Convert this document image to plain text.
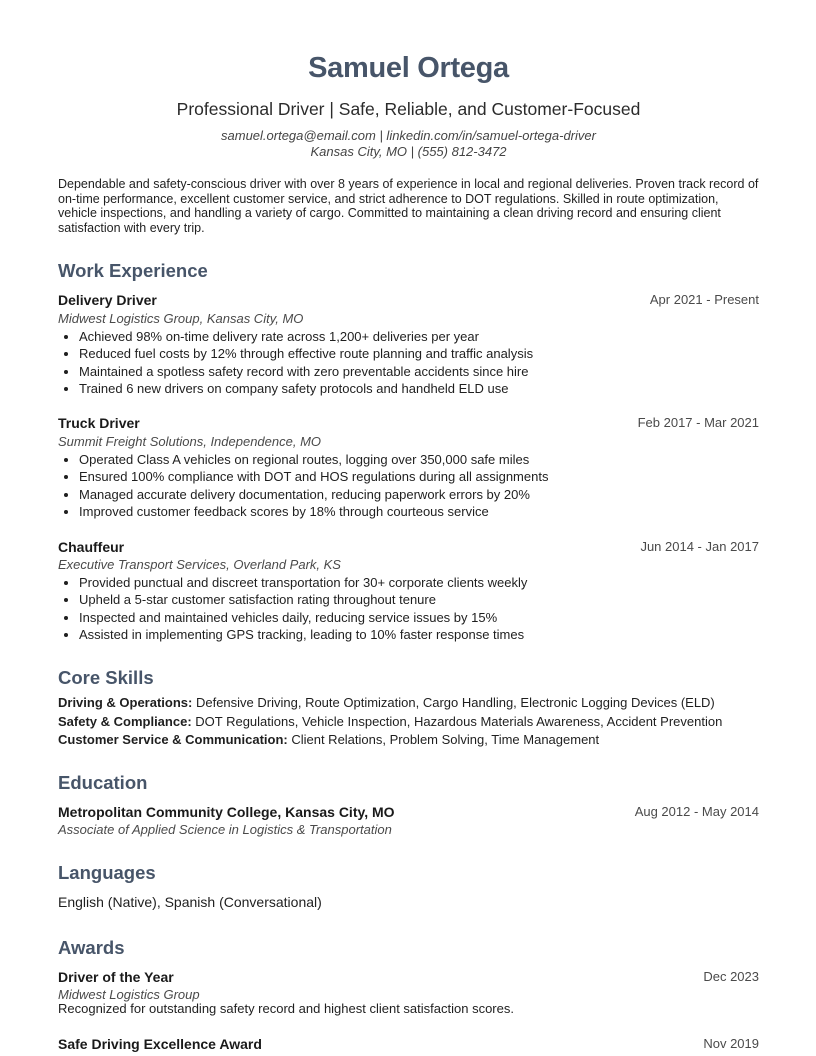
Samuel Ortega
Professional Driver | Safe, Reliable, and Customer-Focused
samuel.ortega@email.com | linkedin.com/in/samuel-ortega-driver
Kansas City, MO | (555) 812-3472
Dependable and safety-conscious driver with over 8 years of experience in local and regional deliveries. Proven track record of on-time performance, excellent customer service, and strict adherence to DOT regulations. Skilled in route optimization, vehicle inspections, and handling a variety of cargo. Committed to maintaining a clean driving record and ensuring client satisfaction with every trip.
Work Experience
Delivery Driver	Apr 2021 - Present
Midwest Logistics Group, Kansas City, MO
• Achieved 98% on-time delivery rate across 1,200+ deliveries per year
• Reduced fuel costs by 12% through effective route planning and traffic analysis
• Maintained a spotless safety record with zero preventable accidents since hire
• Trained 6 new drivers on company safety protocols and handheld ELD use
Truck Driver	Feb 2017 - Mar 2021
Summit Freight Solutions, Independence, MO
• Operated Class A vehicles on regional routes, logging over 350,000 safe miles
• Ensured 100% compliance with DOT and HOS regulations during all assignments
• Managed accurate delivery documentation, reducing paperwork errors by 20%
• Improved customer feedback scores by 18% through courteous service
Chauffeur	Jun 2014 - Jan 2017
Executive Transport Services, Overland Park, KS
• Provided punctual and discreet transportation for 30+ corporate clients weekly
• Upheld a 5-star customer satisfaction rating throughout tenure
• Inspected and maintained vehicles daily, reducing service issues by 15%
• Assisted in implementing GPS tracking, leading to 10% faster response times
Core Skills
Driving & Operations: Defensive Driving, Route Optimization, Cargo Handling, Electronic Logging Devices (ELD)
Safety & Compliance: DOT Regulations, Vehicle Inspection, Hazardous Materials Awareness, Accident Prevention
Customer Service & Communication: Client Relations, Problem Solving, Time Management
Education
Metropolitan Community College, Kansas City, MO	Aug 2012 - May 2014
Associate of Applied Science in Logistics & Transportation
Languages
English (Native), Spanish (Conversational)
Awards
Driver of the Year	Dec 2023
Midwest Logistics Group
Recognized for outstanding safety record and highest client satisfaction scores.
Safe Driving Excellence Award	Nov 2019
